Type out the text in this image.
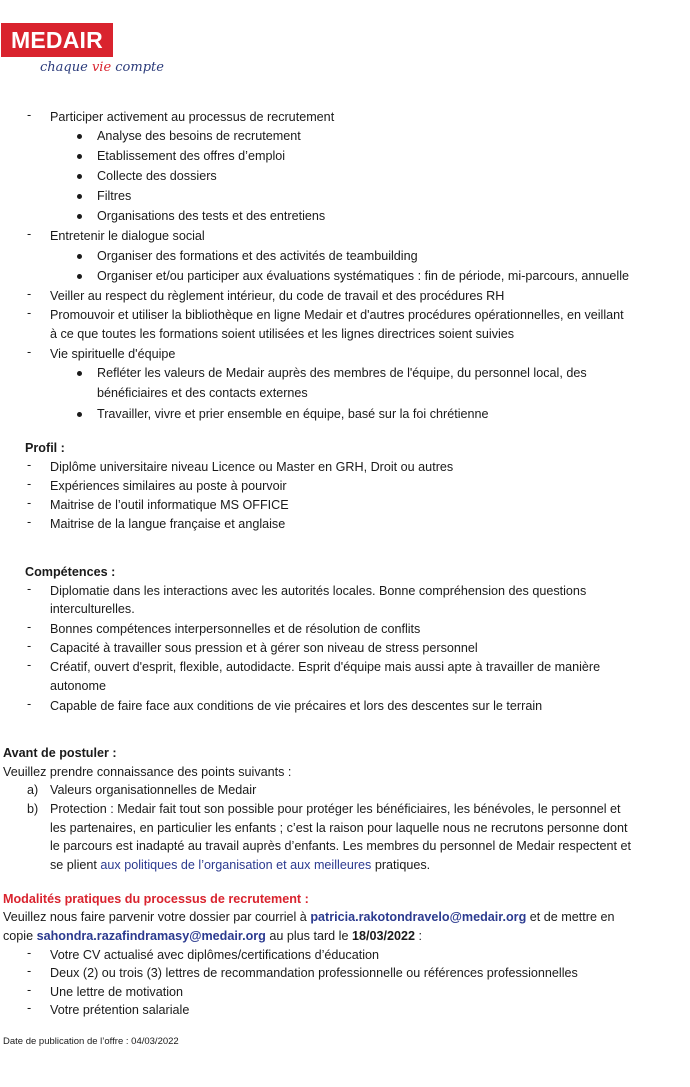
MEDAIR
chaque vie compte
- Participer activement au processus de recrutement
Analyse des besoins de recrutement
Etablissement des offres d’emploi
Collecte des dossiers
Filtres
Organisations des tests et des entretiens
- Entretenir le dialogue social
Organiser des formations et des activités de teambuilding
Organiser et/ou participer aux évaluations systématiques : fin de période, mi-parcours, annuelle
- Veiller au respect du règlement intérieur, du code de travail et des procédures RH
- Promouvoir et utiliser la bibliothèque en ligne Medair et d'autres procédures opérationnelles, en veillant
à ce que toutes les formations soient utilisées et les lignes directrices soient suivies
- Vie spirituelle d'équipe
Refléter les valeurs de Medair auprès des membres de l'équipe, du personnel local, des
bénéficiaires et des contacts externes
Travailler, vivre et prier ensemble en équipe, basé sur la foi chrétienne
Profil :
- Diplôme universitaire niveau Licence ou Master en GRH, Droit ou autres
- Expériences similaires au poste à pourvoir
- Maitrise de l’outil informatique MS OFFICE
- Maitrise de la langue française et anglaise
Compétences :
- Diplomatie dans les interactions avec les autorités locales. Bonne compréhension des questions
interculturelles.
- Bonnes compétences interpersonnelles et de résolution de conflits
- Capacité à travailler sous pression et à gérer son niveau de stress personnel
- Créatif, ouvert d'esprit, flexible, autodidacte. Esprit d'équipe mais aussi apte à travailler de manière
autonome
- Capable de faire face aux conditions de vie précaires et lors des descentes sur le terrain
Avant de postuler :
Veuillez prendre connaissance des points suivants :
a) Valeurs organisationnelles de Medair
b) Protection : Medair fait tout son possible pour protéger les bénéficiaires, les bénévoles, le personnel et
les partenaires, en particulier les enfants ; c’est la raison pour laquelle nous ne recrutons personne dont
le parcours est inadapté au travail auprès d’enfants. Les membres du personnel de Medair respectent et
se plient aux politiques de l’organisation et aux meilleures pratiques.
Modalités pratiques du processus de recrutement :
Veuillez nous faire parvenir votre dossier par courriel à patricia.rakotondravelo@medair.org et de mettre en
copie sahondra.razafindramasy@medair.org au plus tard le 18/03/2022 :
- Votre CV actualisé avec diplômes/certifications d’éducation
- Deux (2) ou trois (3) lettres de recommandation professionnelle ou références professionnelles
- Une lettre de motivation
- Votre prétention salariale
Date de publication de l’offre : 04/03/2022
